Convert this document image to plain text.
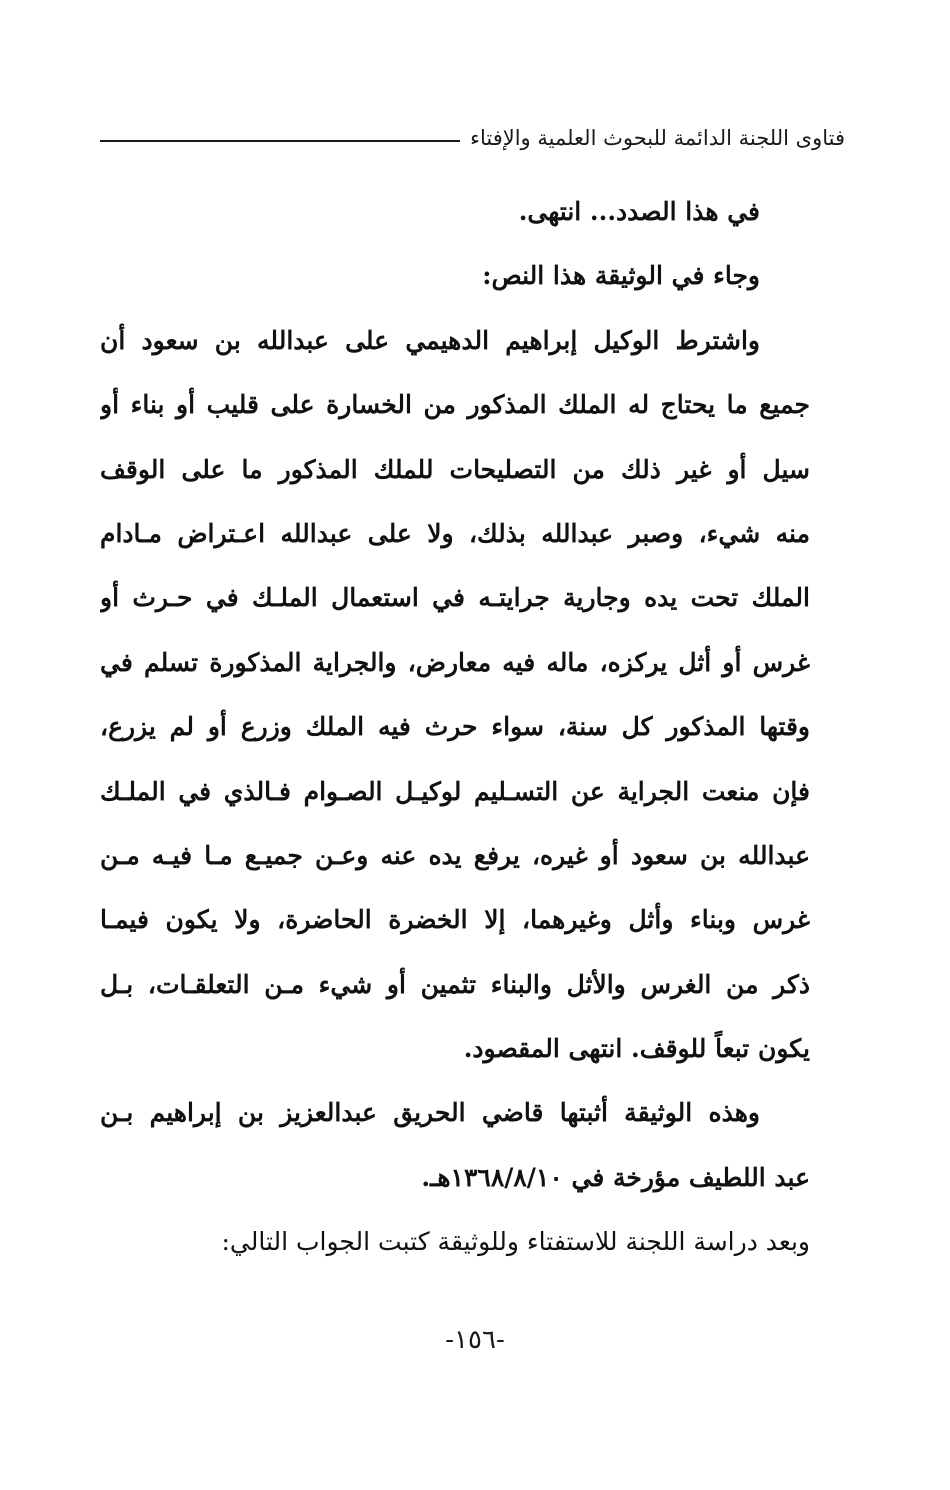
فتاوى اللجنة الدائمة للبحوث العلمية والإفتاء
في هذا الصدد... انتهى.
وجاء في الوثيقة هذا النص:
واشترط الوكيل إبراهيم الدهيمي على عبدالله بن سعود أن
جميع ما يحتاج له الملك المذكور من الخسارة على قليب أو بناء أو
سيل أو غير ذلك من التصليحات للملك المذكور ما على الوقف
منه شيء، وصبر عبدالله بذلك، ولا على عبدالله اعـتراض مـادام
الملك تحت يده وجارية جرايتـه في استعمال الملـك في حـرث أو
غرس أو أثل يركزه، ماله فيه معارض، والجراية المذكورة تسلم في
وقتها المذكور كل سنة، سواء حرث فيه الملك وزرع أو لم يزرع،
فإن منعت الجراية عن التسـليم لوكيـل الصـوام فـالذي في الملـك
عبدالله بن سعود أو غيره، يرفع يده عنه وعـن جميـع مـا فيـه مـن
غرس وبناء وأثل وغيرهما، إلا الخضرة الحاضرة، ولا يكون فيمـا
ذكر من الغرس والأثل والبناء تثمين أو شيء مـن التعلقـات، بـل
يكون تبعاً للوقف. انتهى المقصود.
وهذه الوثيقة أثبتها قاضي الحريق عبدالعزيز بن إبراهيم بـن
عبد اللطيف مؤرخة في ١٣٦٨/٨/١٠هـ.
وبعد دراسة اللجنة للاستفتاء وللوثيقة كتبت الجواب التالي:
-١٥٦-
